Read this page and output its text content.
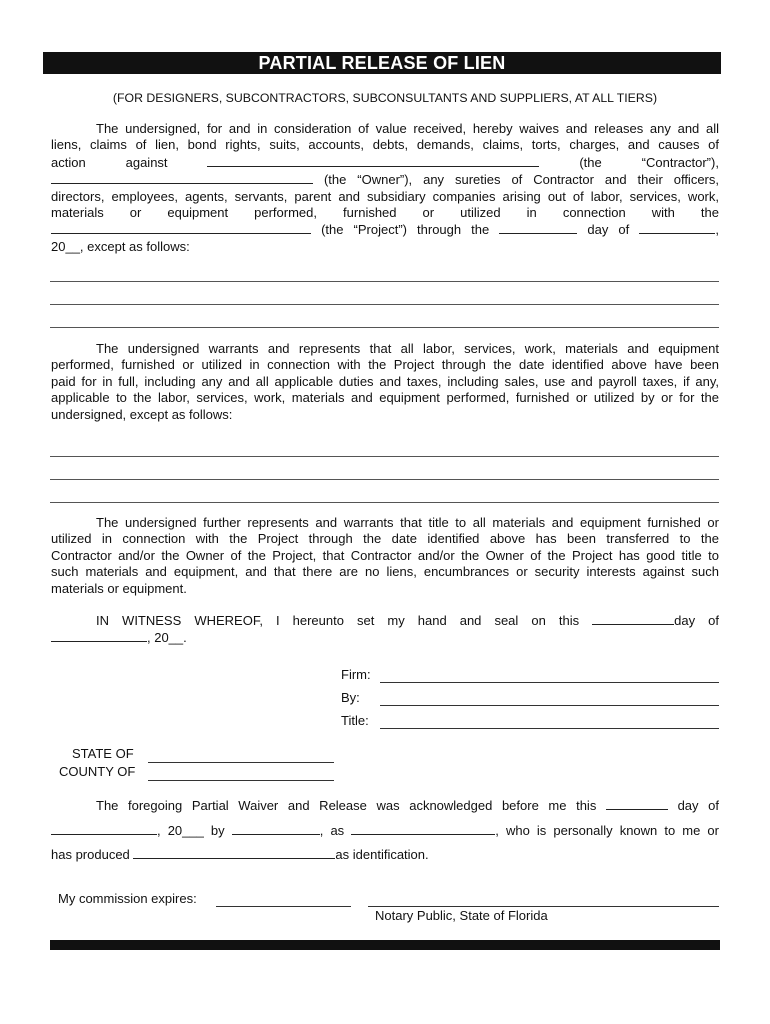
PARTIAL RELEASE OF LIEN
(FOR DESIGNERS, SUBCONTRACTORS, SUBCONSULTANTS AND SUPPLIERS, AT ALL TIERS)
The undersigned, for and in consideration of value received, hereby waives and releases any and all
liens, claims of lien, bond rights, suits, accounts, debts, demands, claims, torts, charges, and causes of
action	against	(the	“Contractor”),
(the “Owner”), any sureties of Contractor and their officers,
directors, employees, agents, servants, parent and subsidiary companies arising out of labor, services, work,
materials or equipment performed, furnished or utilized in connection with the
(the “Project”) through the	day of	,
20__, except as follows:
The undersigned warrants and represents that all labor, services, work, materials and equipment
performed, furnished or utilized in connection with the Project through the date identified above have been
paid for in full, including any and all applicable duties and taxes, including sales, use and payroll taxes, if any,
applicable to the labor, services, work, materials and equipment performed, furnished or utilized by or for the
undersigned, except as follows:
The undersigned further represents and warrants that title to all materials and equipment furnished or
utilized in connection with the Project through the date identified above has been transferred to the
Contractor and/or the Owner of the Project, that Contractor and/or the Owner of the Project has good title to
such materials and equipment, and that there are no liens, encumbrances or security interests against such
materials or equipment.
IN WITNESS WHEREOF, I hereunto set my hand and seal on this	day of
, 20__.
Firm:
By:
Title:
STATE OF
COUNTY OF
The foregoing Partial Waiver and Release was acknowledged before me this	day of
, 20___ by	, as	, who is personally known to me or
has produced	as identification.
My commission expires:
Notary Public, State of Florida
